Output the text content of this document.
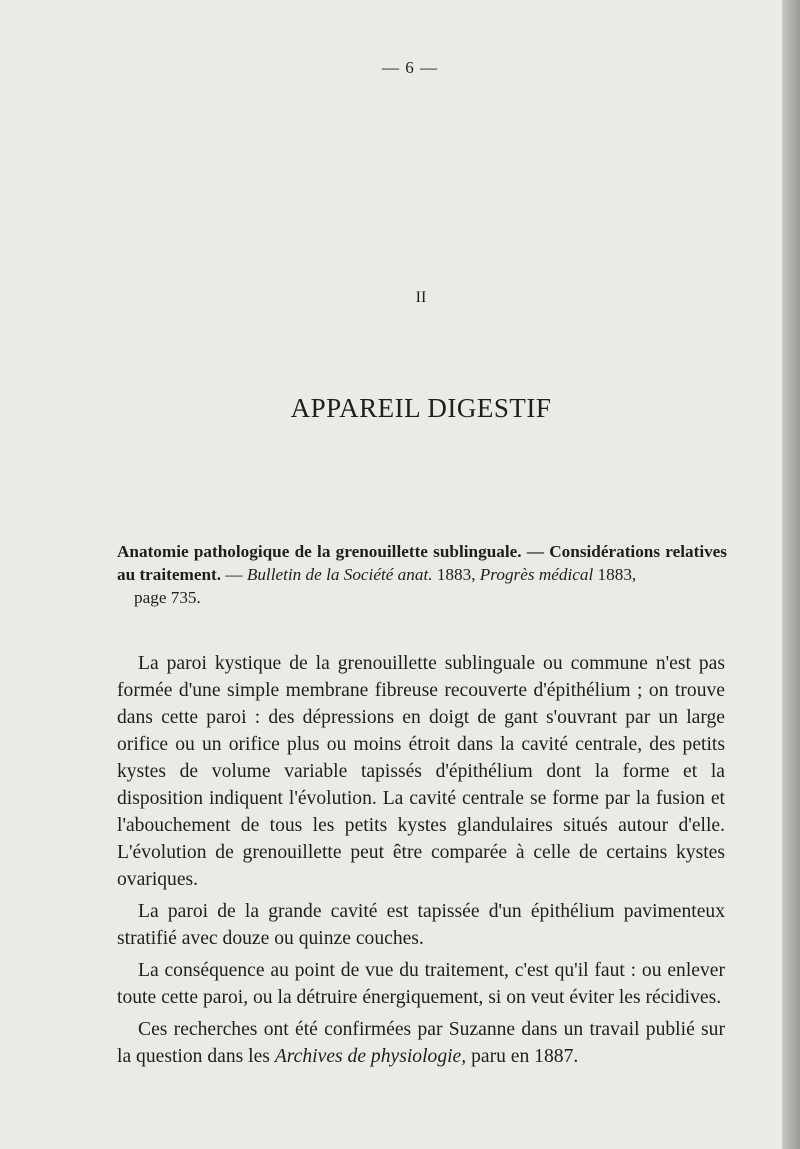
— 6 —
II
APPAREIL DIGESTIF
Anatomie pathologique de la grenouillette sublinguale. — Considérations relatives au traitement. — Bulletin de la Société anat. 1883, Progrès médical 1883,
page 735.

La paroi kystique de la grenouillette sublinguale ou commune n'est pas formée d'une simple membrane fibreuse recouverte d'épithélium ; on trouve dans cette paroi : des dépressions en doigt de gant s'ouvrant par un large orifice ou un orifice plus ou moins étroit dans la cavité centrale, des petits kystes de volume variable tapissés d'épithélium dont la forme et la disposition indiquent l'évolution. La cavité centrale se forme par la fusion et l'abouchement de tous les petits kystes glandulaires situés autour d'elle. L'évolution de grenouillette peut être comparée à celle de certains kystes ovariques.

La paroi de la grande cavité est tapissée d'un épithélium pavimenteux stratifié avec douze ou quinze couches.

La conséquence au point de vue du traitement, c'est qu'il faut : ou enlever toute cette paroi, ou la détruire énergiquement, si on veut éviter les récidives.

Ces recherches ont été confirmées par Suzanne dans un travail publié sur la question dans les Archives de physiologie, paru en 1887.
